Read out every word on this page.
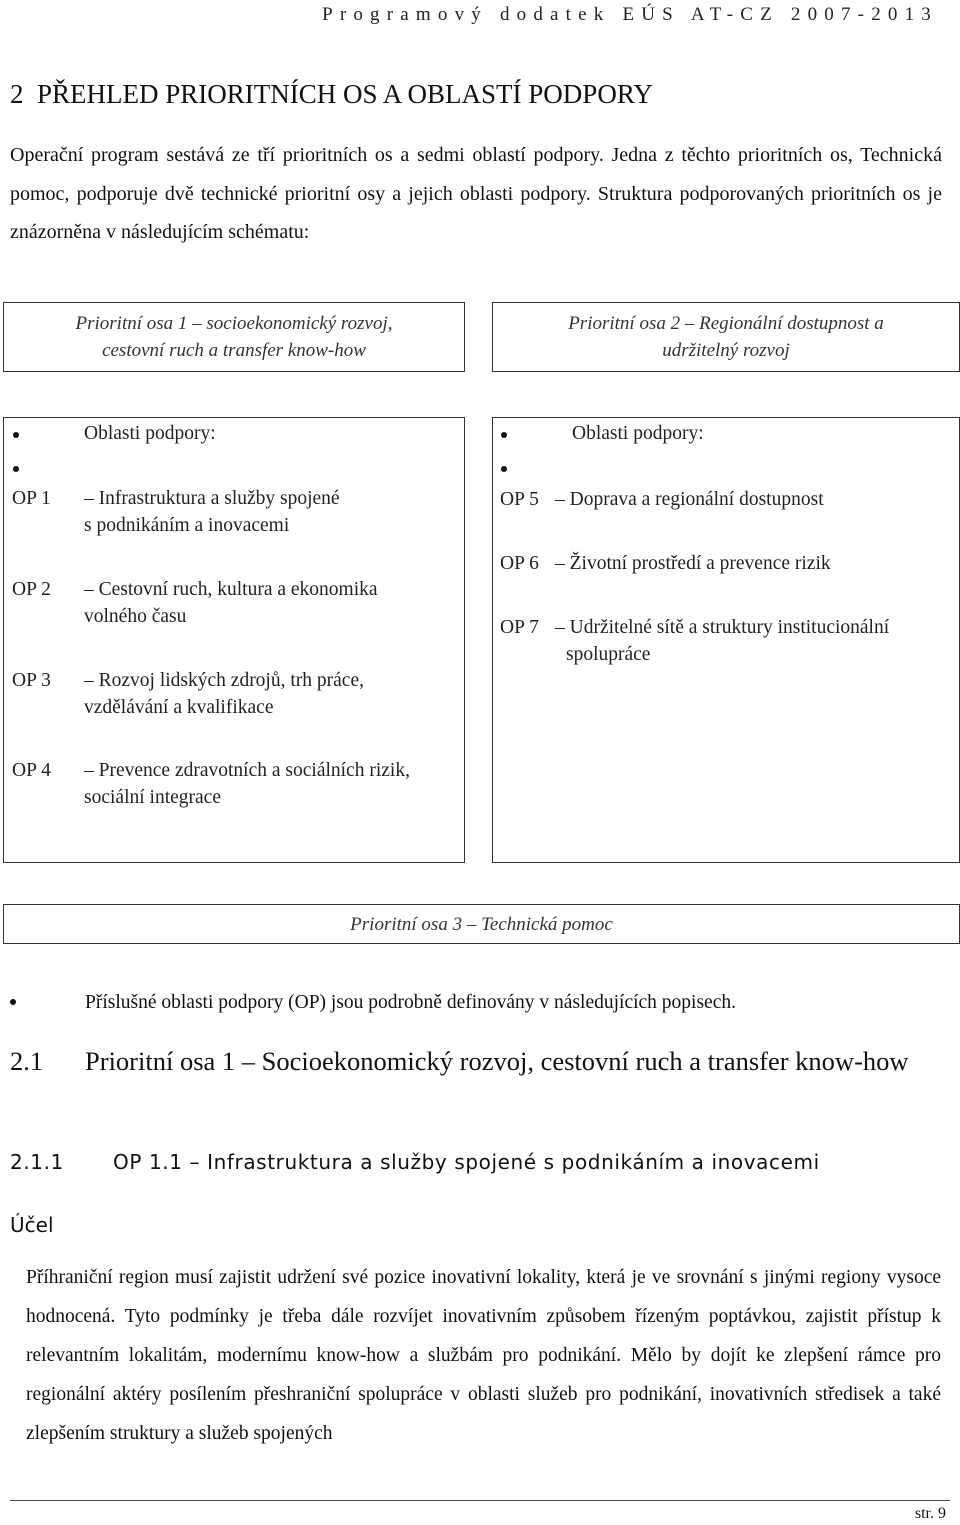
Programový dodatek EÚS AT-CZ 2007-2013
2 PŘEHLED PRIORITNÍCH OS A OBLASTÍ PODPORY
Operační program sestává ze tří prioritních os a sedmi oblastí podpory. Jedna z těchto prioritních os, Technická pomoc, podporuje dvě technické prioritní osy a jejich oblasti podpory. Struktura podporovaných prioritních os je znázorněna v následujícím schématu:
Prioritní osa 1 – socioekonomický rozvoj,
cestovní ruch a transfer know-how
Prioritní osa 2 – Regionální dostupnost a
udržitelný rozvoj
Oblasti podpory:
OP 1 – Infrastruktura a služby spojené
s podnikáním a inovacemi
OP 2 – Cestovní ruch, kultura a ekonomika
volného času
OP 3 – Rozvoj lidských zdrojů, trh práce,
vzdělávání a kvalifikace
OP 4 – Prevence zdravotních a sociálních rizik,
sociální integrace
Oblasti podpory:
OP 5 – Doprava a regionální dostupnost
OP 6 – Životní prostředí a prevence rizik
OP 7 – Udržitelné sítě a struktury institucionální
spolupráce
Prioritní osa 3 – Technická pomoc
Příslušné oblasti podpory (OP) jsou podrobně definovány v následujících popisech.
2.1 Prioritní osa 1 – Socioekonomický rozvoj, cestovní ruch a transfer know-how
2.1.1 OP 1.1 – Infrastruktura a služby spojené s podnikáním a inovacemi
Účel
Příhraniční region musí zajistit udržení své pozice inovativní lokality, která je ve srovnání s jinými regiony vysoce hodnocená. Tyto podmínky je třeba dále rozvíjet inovativním způsobem řízeným poptávkou, zajistit přístup k relevantním lokalitám, modernímu know-how a službám pro podnikání. Mělo by dojít ke zlepšení rámce pro regionální aktéry posílením přeshraniční spolupráce v oblasti služeb pro podnikání, inovativních středisek a také zlepšením struktury a služeb spojených
str. 9
